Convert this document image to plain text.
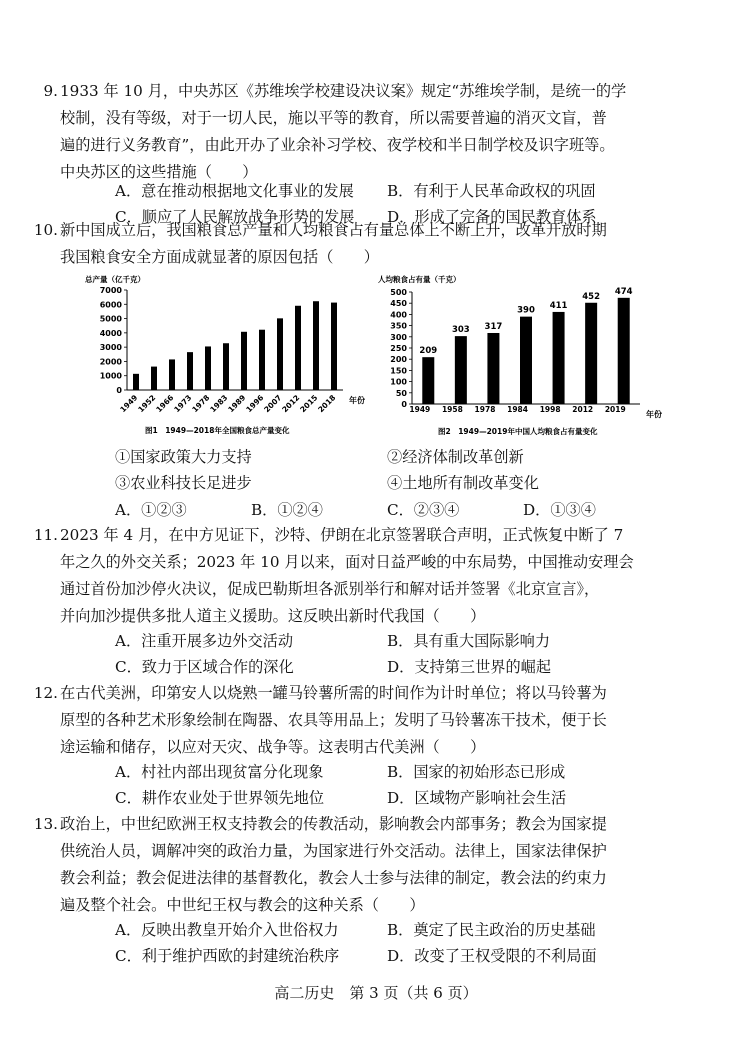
9. 1933 年 10 月，中央苏区《苏维埃学校建设决议案》规定“苏维埃学制，是统一的学
校制，没有等级，对于一切人民，施以平等的教育，所以需要普遍的消灭文盲，普
遍的进行义务教育”，由此开办了业余补习学校、夜学校和半日制学校及识字班等。
中央苏区的这些措施（　　）
A．意在推动根据地文化事业的发展 B．有利于人民革命政权的巩固
C．顺应了人民解放战争形势的发展 D．形成了完备的国民教育体系
10. 新中国成立后，我国粮食总产量和人均粮食占有量总体上不断上升，改革开放时期
我国粮食安全方面成就显著的原因包括（　　）
总产量（亿千克）
0
1000
2000
3000
4000
5000
6000
7000
1949
1952
1966
1973
1978
1983
1989
1996
2007
2012
2015
2018 年份
图1　1949—2018年全国粮食总产量变化
人均粮食占有量（千克）
0
50
100
150
200
250
300
350
400
450
500
209
1949
303
1958
317
1978
390
1984
411
1998
452
2012
474
2019
年份
图2　1949—2019年中国人均粮食占有量变化
①国家政策大力支持	②经济体制改革创新
③农业科技长足进步	④土地所有制改革变化
A．①②③	B．①②④	C．②③④	D．①③④
11. 2023 年 4 月，在中方见证下，沙特、伊朗在北京签署联合声明，正式恢复中断了 7
年之久的外交关系；2023 年 10 月以来，面对日益严峻的中东局势，中国推动安理会
通过首份加沙停火决议，促成巴勒斯坦各派别举行和解对话并签署《北京宣言》，
并向加沙提供多批人道主义援助。这反映出新时代我国（　　）
A．注重开展多边外交活动	B．具有重大国际影响力
C．致力于区域合作的深化	D．支持第三世界的崛起
12. 在古代美洲，印第安人以烧熟一罐马铃薯所需的时间作为计时单位；将以马铃薯为
原型的各种艺术形象绘制在陶器、农具等用品上；发明了马铃薯冻干技术，便于长
途运输和储存，以应对天灾、战争等。这表明古代美洲（　　）
A．村社内部出现贫富分化现象	B．国家的初始形态已形成
C．耕作农业处于世界领先地位	D．区域物产影响社会生活
13. 政治上，中世纪欧洲王权支持教会的传教活动，影响教会内部事务；教会为国家提
供统治人员，调解冲突的政治力量，为国家进行外交活动。法律上，国家法律保护
教会利益；教会促进法律的基督教化，教会人士参与法律的制定，教会法的约束力
遍及整个社会。中世纪王权与教会的这种关系（　　）
A．反映出教皇开始介入世俗权力	B．奠定了民主政治的历史基础
C．利于维护西欧的封建统治秩序	D．改变了王权受限的不利局面
高二历史　第 3 页（共 6 页）
